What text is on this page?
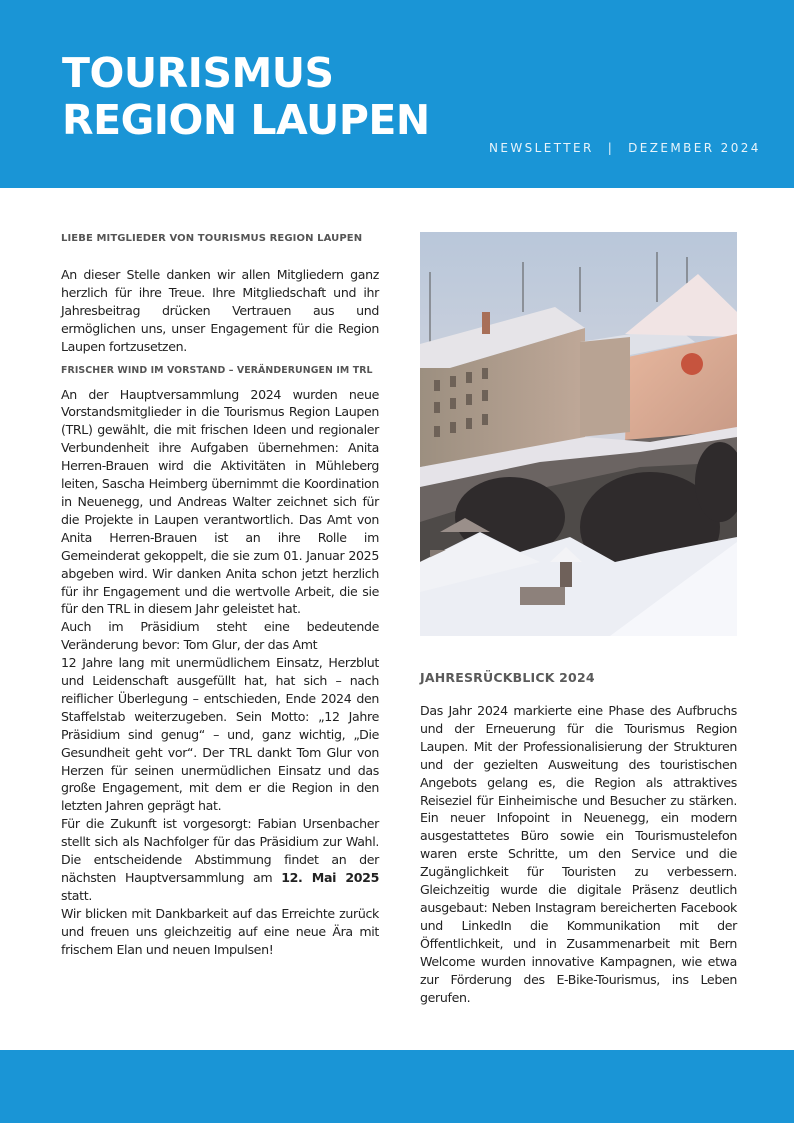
TOURISMUS
REGION LAUPEN
NEWSLETTER | DEZEMBER 2024
LIEBE MITGLIEDER VON TOURISMUS REGION LAUPEN

An dieser Stelle danken wir allen Mitgliedern ganz herzlich für ihre Treue. Ihre Mitgliedschaft und ihr Jahresbeitrag drücken Vertrauen aus und ermöglichen uns, unser Engagement für die Region Laupen fortzusetzen.

FRISCHER WIND IM VORSTAND – VERÄNDERUNGEN IM TRL

An der Hauptversammlung 2024 wurden neue Vorstandsmitglieder in die Tourismus Region Laupen (TRL) gewählt, die mit frischen Ideen und regionaler Verbundenheit ihre Aufgaben übernehmen: Anita Herren-Brauen wird die Aktivitäten in Mühleberg leiten, Sascha Heimberg übernimmt die Koordination in Neuenegg, und Andreas Walter zeichnet sich für die Projekte in Laupen verantwortlich. Das Amt von Anita Herren-Brauen ist an ihre Rolle im Gemeinderat gekoppelt, die sie zum 01. Januar 2025 abgeben wird. Wir danken Anita schon jetzt herzlich für ihr Engagement und die wertvolle Arbeit, die sie für den TRL in diesem Jahr geleistet hat.

Auch im Präsidium steht eine bedeutende Veränderung bevor: Tom Glur, der das Amt

12 Jahre lang mit unermüdlichem Einsatz, Herzblut und Leidenschaft ausgefüllt hat, hat sich – nach reiflicher Überlegung – entschieden, Ende 2024 den Staffelstab weiterzugeben. Sein Motto: „12 Jahre Präsidium sind genug“ – und, ganz wichtig, „Die Gesundheit geht vor“. Der TRL dankt Tom Glur von Herzen für seinen unermüdlichen Einsatz und das große Engagement, mit dem er die Region in den letzten Jahren geprägt hat.

Für die Zukunft ist vorgesorgt: Fabian Ursenbacher stellt sich als Nachfolger für das Präsidium zur Wahl. Die entscheidende Abstimmung findet an der nächsten Hauptversammlung am 12. Mai 2025 statt.

Wir blicken mit Dankbarkeit auf das Erreichte zurück und freuen uns gleichzeitig auf eine neue Ära mit frischem Elan und neuen Impulsen!

JAHRESRÜCKBLICK 2024

Das Jahr 2024 markierte eine Phase des Aufbruchs und der Erneuerung für die Tourismus Region Laupen. Mit der Professionalisierung der Strukturen und der gezielten Ausweitung des touristischen Angebots gelang es, die Region als attraktives Reiseziel für Einheimische und Besucher zu stärken. Ein neuer Infopoint in Neuenegg, ein modern ausgestattetes Büro sowie ein Tourismustelefon waren erste Schritte, um den Service und die Zugänglichkeit für Touristen zu verbessern. Gleichzeitig wurde die digitale Präsenz deutlich ausgebaut: Neben Instagram bereicherten Facebook und LinkedIn die Kommunikation mit der Öffentlichkeit, und in Zusammenarbeit mit Bern Welcome wurden innovative Kampagnen, wie etwa zur Förderung des E-Bike-Tourismus, ins Leben gerufen.
